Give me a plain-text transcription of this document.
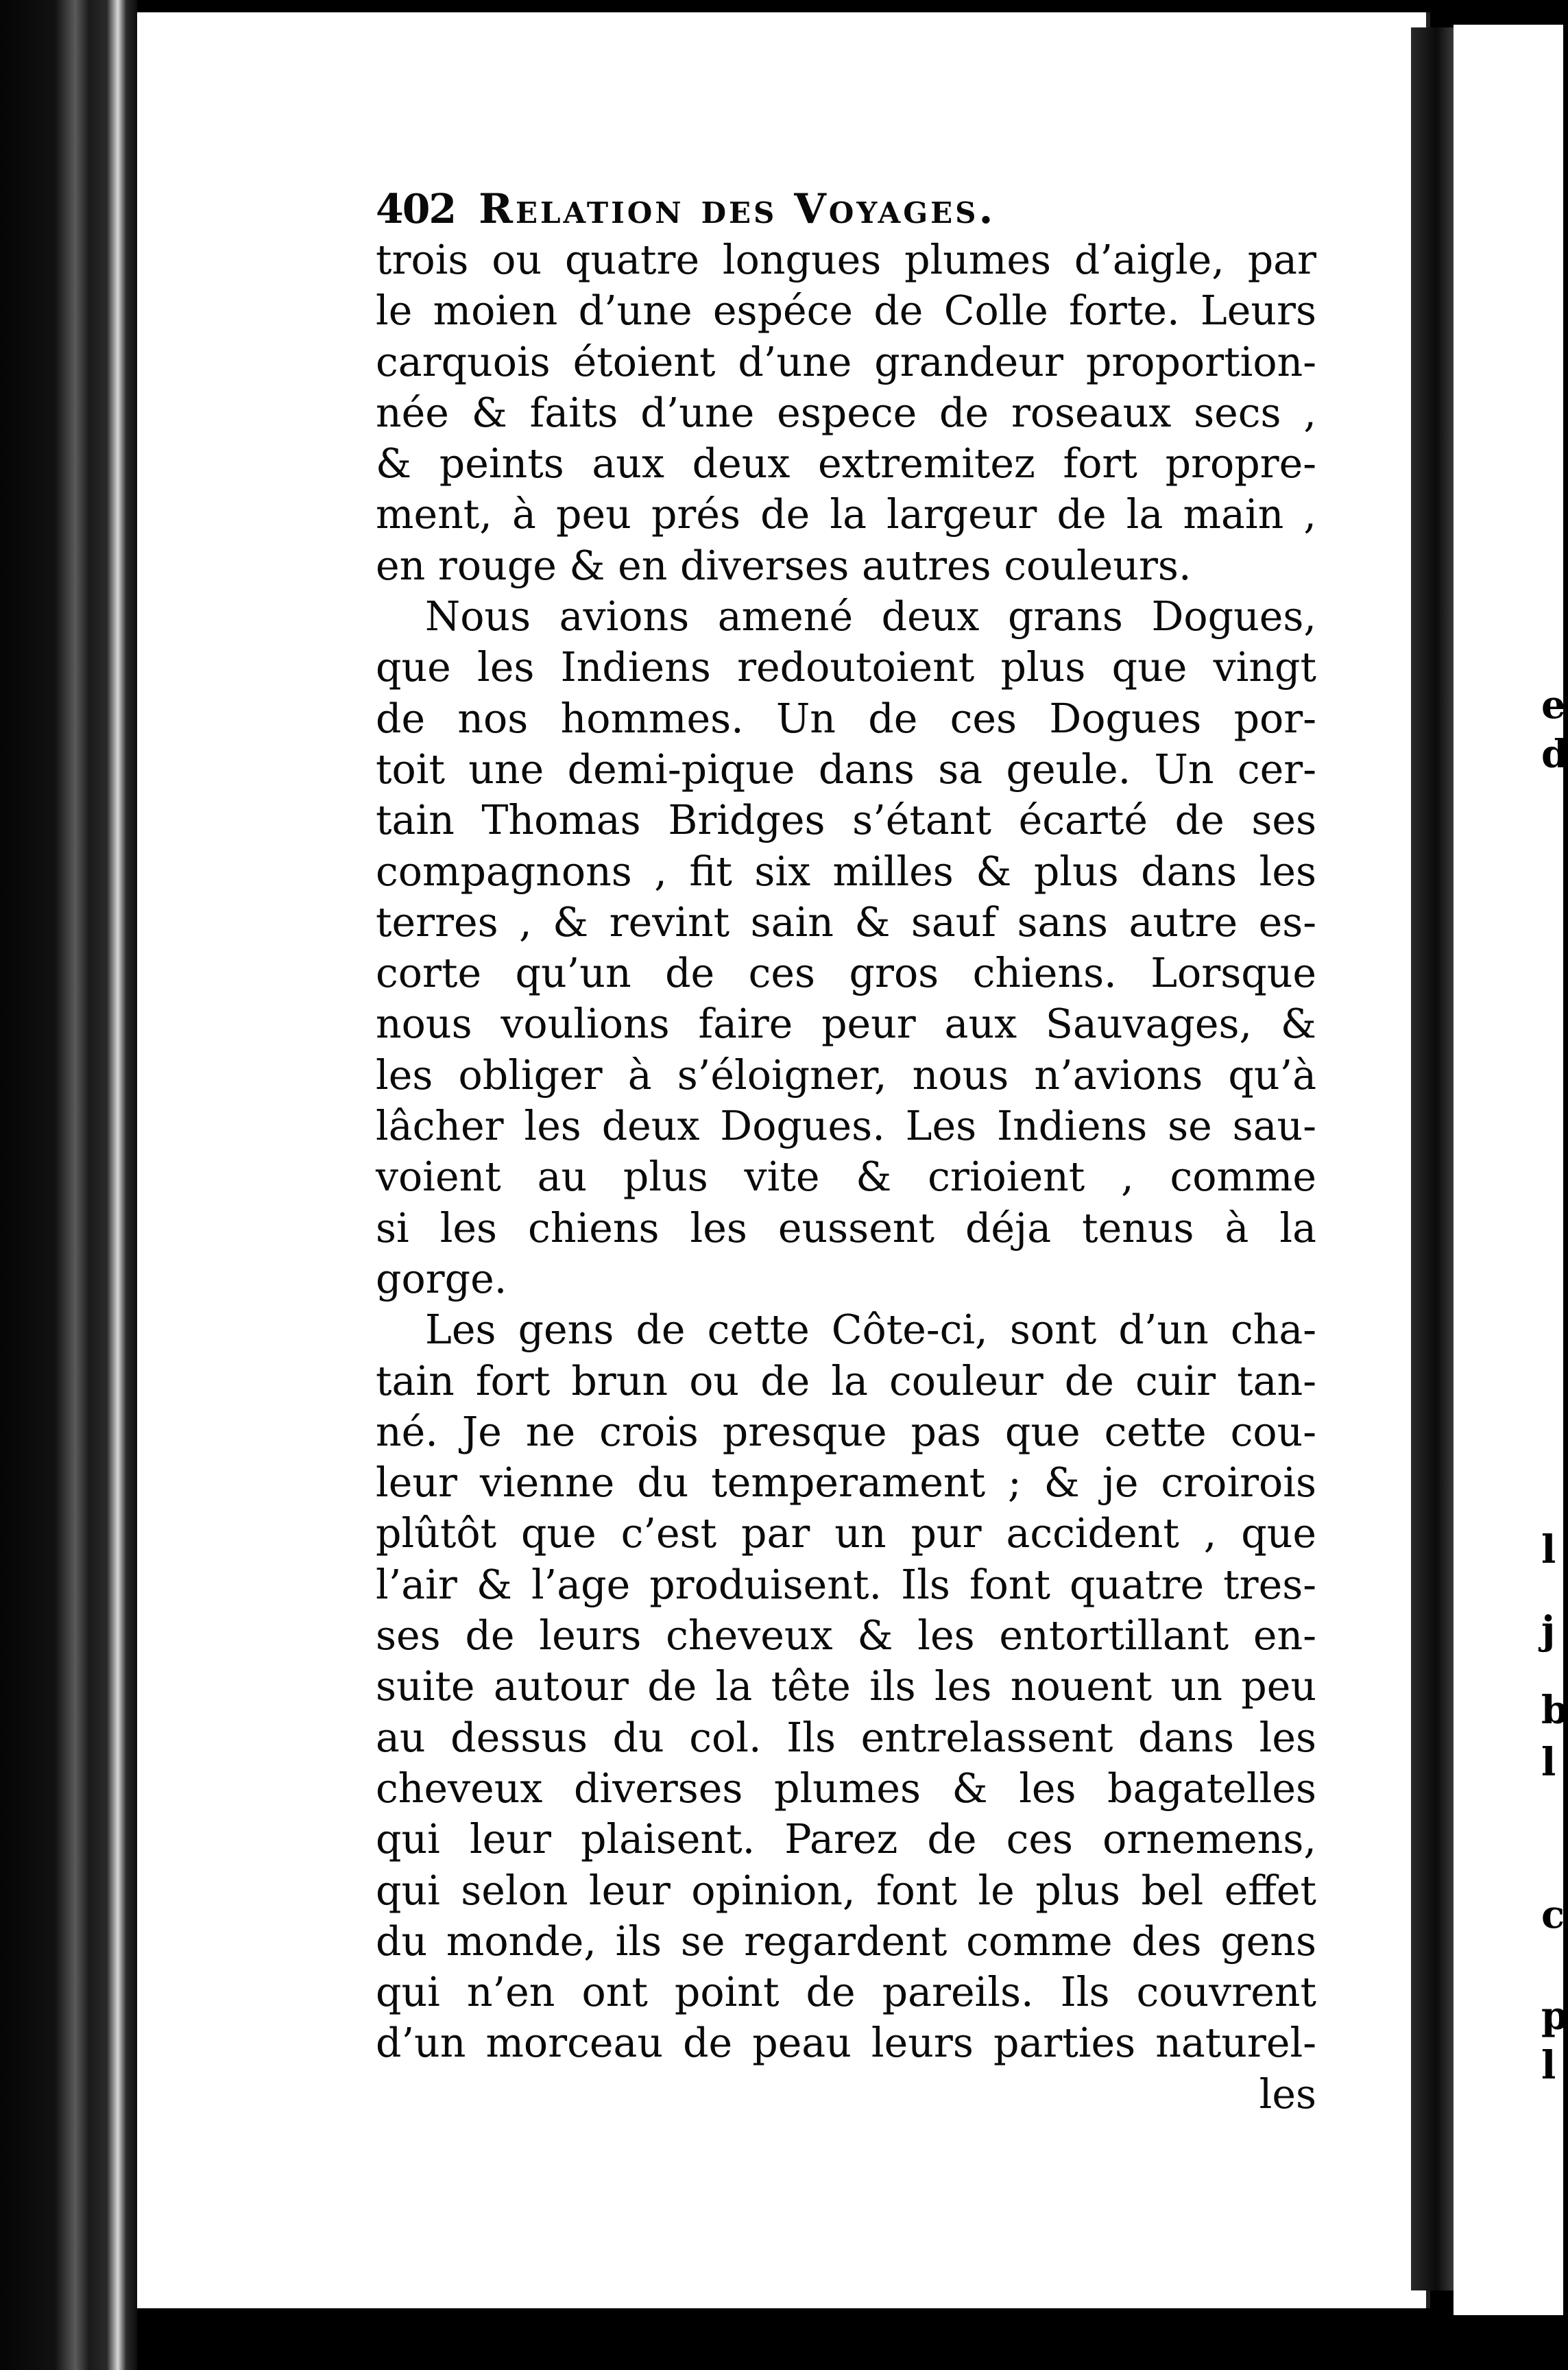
e
d
l
j
b
l
c
p
l
402 Relation des Voyages.

trois ou quatre longues plumes d’aigle, par
le moien d’une espéce de Colle forte. Leurs
carquois étoient d’une grandeur proportion-
née & faits d’une espece de roseaux secs ,
& peints aux deux extremitez fort propre-
ment, à peu prés de la largeur de la main ,
en rouge & en diverses autres couleurs.

Nous avions amené deux grans Dogues,
que les Indiens redoutoient plus que vingt
de nos hommes. Un de ces Dogues por-
toit une demi-pique dans sa geule. Un cer-
tain Thomas Bridges s’étant écarté de ses
compagnons , fit six milles & plus dans les
terres , & revint sain & sauf sans autre es-
corte qu’un de ces gros chiens. Lorsque
nous voulions faire peur aux Sauvages, &
les obliger à s’éloigner, nous n’avions qu’à
lâcher les deux Dogues. Les Indiens se sau-
voient au plus vite & crioient , comme
si les chiens les eussent déja tenus à la
gorge.

Les gens de cette Côte-ci, sont d’un cha-
tain fort brun ou de la couleur de cuir tan-
né. Je ne crois presque pas que cette cou-
leur vienne du temperament ; & je croirois
plûtôt que c’est par un pur accident , que
l’air & l’age produisent. Ils font quatre tres-
ses de leurs cheveux & les entortillant en-
suite autour de la tête ils les nouent un peu
au dessus du col. Ils entrelassent dans les
cheveux diverses plumes & les bagatelles
qui leur plaisent. Parez de ces ornemens,
qui selon leur opinion, font le plus bel effet
du monde, ils se regardent comme des gens
qui n’en ont point de pareils. Ils couvrent
d’un morceau de peau leurs parties naturel-

les
